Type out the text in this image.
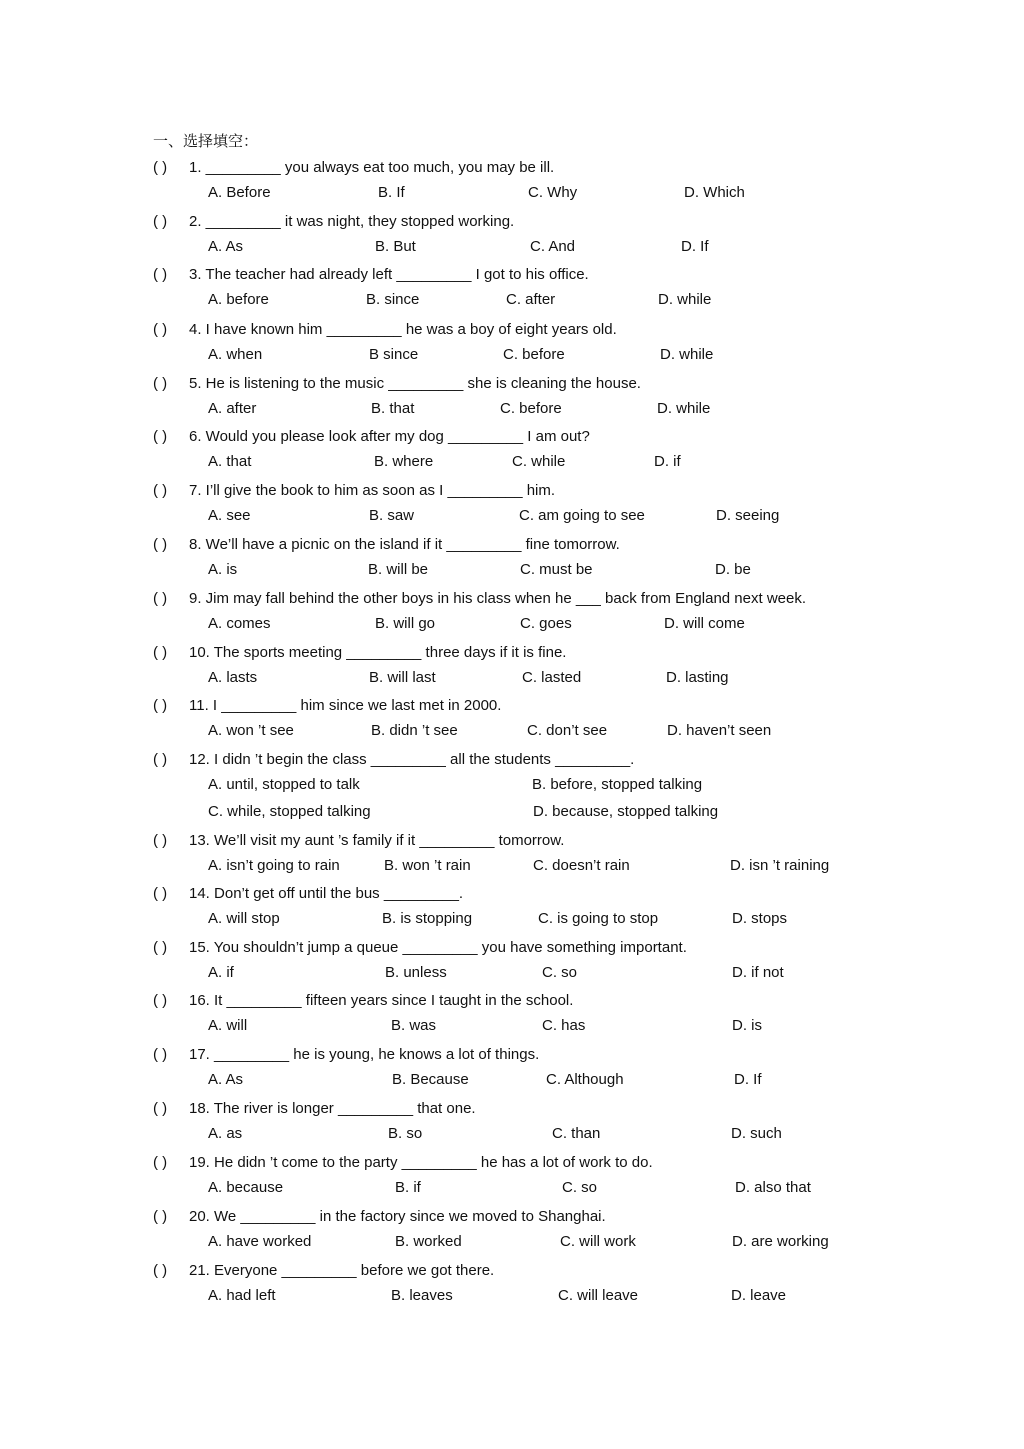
一、选择填空：
( ) 1. _________ you always eat too much, you may be ill.
A. Before	B. If	C. Why	D. Which
( ) 2. _________ it was night, they stopped working.
A. As	B. But	C. And	D. If
( ) 3. The teacher had already left _________ I got to his office.
A. before	B. since	C. after	D. while
( ) 4. I have known him _________ he was a boy of eight years old.
A. when	B since	C. before	D. while
( ) 5. He is listening to the music _________ she is cleaning the house.
A. after	B. that	C. before	D. while
( ) 6. Would you please look after my dog _________ I am out?
A. that	B. where	C. while	D. if
( ) 7. I’ll give the book to him as soon as I _________ him.
A. see	B. saw	C. am going to see	D. seeing
( ) 8. We’ll have a picnic on the island if it _________ fine tomorrow.
A. is	B. will be	C. must be	D. be
( ) 9. Jim may fall behind the other boys in his class when he ___ back from England next week.
A. comes	B. will go	C. goes	D. will come
( ) 10. The sports meeting _________ three days if it is fine.
A. lasts	B. will last	C. lasted	D. lasting
( ) 11. I _________ him since we last met in 2000.
A. won ’t see	B. didn ’t see	C. don’t see	D. haven’t seen
( ) 12. I didn ’t begin the class _________ all the students _________.
A. until, stopped to talk	B. before, stopped talking
C. while, stopped talking	D. because, stopped talking
( ) 13. We’ll visit my aunt ’s family if it _________ tomorrow.
A. isn’t going to rain	B. won ’t rain	C. doesn’t rain	D. isn ’t raining
( ) 14. Don’t get off until the bus _________.
A. will stop	B. is stopping	C. is going to stop	D. stops
( ) 15. You shouldn’t jump a queue _________ you have something important.
A. if	B. unless	C. so	D. if not
( ) 16. It _________ fifteen years since I taught in the school.
A. will	B. was	C. has	D. is
( ) 17. _________ he is young, he knows a lot of things.
A. As	B. Because	C. Although	D. If
( ) 18. The river is longer _________ that one.
A. as	B. so	C. than	D. such
( ) 19. He didn ’t come to the party _________ he has a lot of work to do.
A. because	B. if	C. so	D. also that
( ) 20. We _________ in the factory since we moved to Shanghai.
A. have worked	B. worked	C. will work	D. are working
( ) 21. Everyone _________ before we got there.
A. had left	B. leaves	C. will leave	D. leave
